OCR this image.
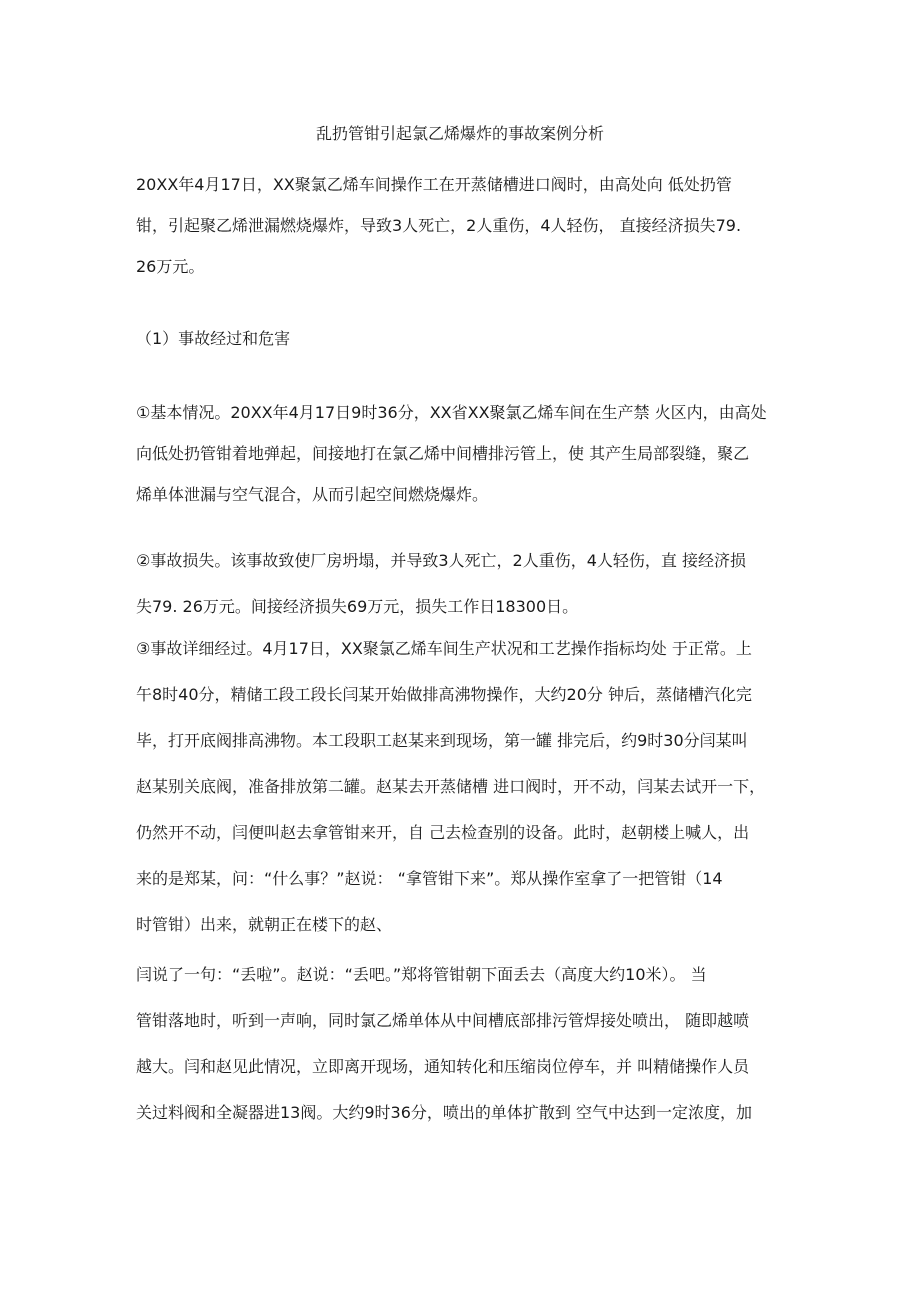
乱扔管钳引起氯乙烯爆炸的事故案例分析
20XX年4月17日，XX聚氯乙烯车间操作工在开蒸储槽进口阀时，由高处向 低处扔管
钳，引起聚乙烯泄漏燃烧爆炸，导致3人死亡，2人重伤，4人轻伤， 直接经济损失79.
26万元。
（1）事故经过和危害
①基本情况。20XX年4月17日9时36分，XX省XX聚氯乙烯车间在生产禁 火区内，由高处
向低处扔管钳着地弹起，间接地打在氯乙烯中间槽排污管上，使 其产生局部裂缝，聚乙
烯单体泄漏与空气混合，从而引起空间燃烧爆炸。
②事故损失。该事故致使厂房坍塌，并导致3人死亡，2人重伤，4人轻伤，直 接经济损
失79. 26万元。间接经济损失69万元，损失工作日18300日。
③事故详细经过。4月17日，XX聚氯乙烯车间生产状况和工艺操作指标均处 于正常。上
午8时40分，精储工段工段长闫某开始做排高沸物操作，大约20分 钟后，蒸储槽汽化完
毕，打开底阀排高沸物。本工段职工赵某来到现场，第一罐 排完后，约9时30分闫某叫
赵某别关底阀，准备排放第二罐。赵某去开蒸储槽 进口阀时，开不动，闫某去试开一下，
仍然开不动，闫便叫赵去拿管钳来开，自 己去检查别的设备。此时，赵朝楼上喊人，出
来的是郑某，问：“什么事？”赵说： “拿管钳下来”。郑从操作室拿了一把管钳（14
时管钳）出来，就朝正在楼下的赵、
闫说了一句：“丢啦”。赵说：“丢吧。”郑将管钳朝下面丢去（高度大约10米）。 当
管钳落地时，听到一声响，同时氯乙烯单体从中间槽底部排污管焊接处喷出， 随即越喷
越大。闫和赵见此情况，立即离开现场，通知转化和压缩岗位停车，并 叫精储操作人员
关过料阀和全凝器进13阀。大约9时36分，喷出的单体扩散到 空气中达到一定浓度，加
